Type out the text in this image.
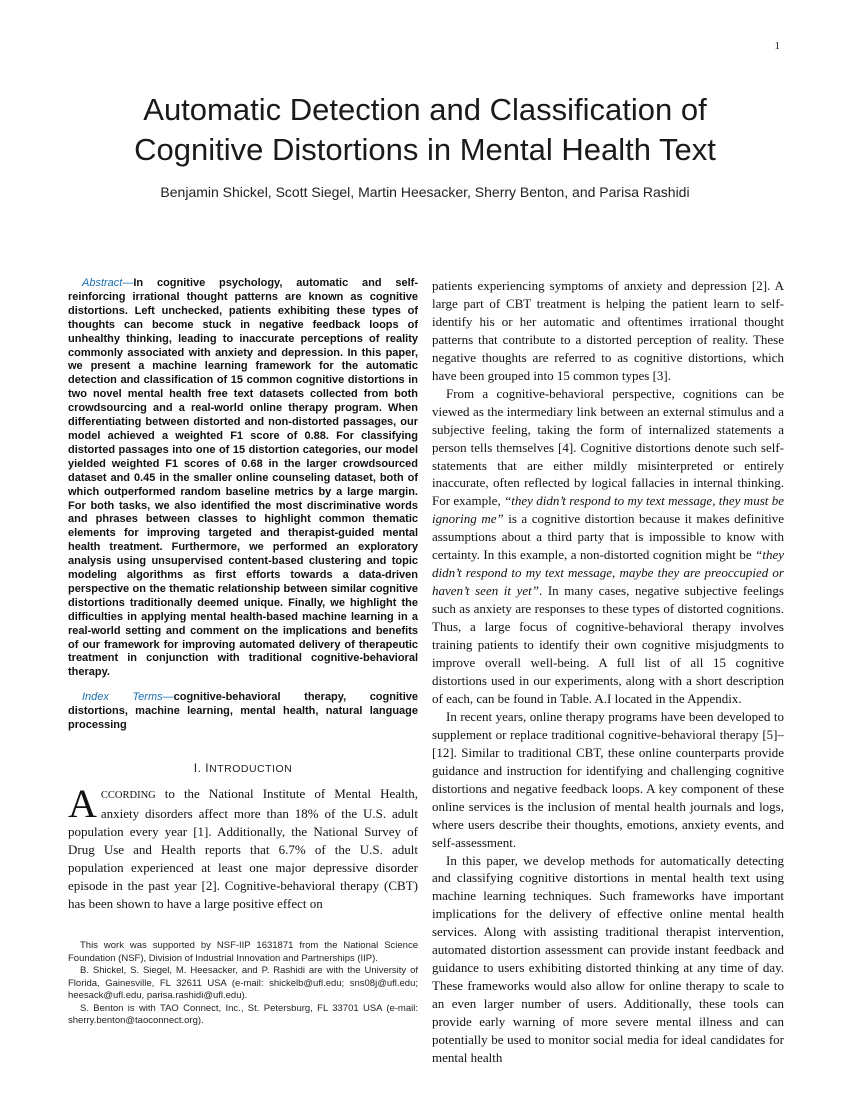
1
Automatic Detection and Classification of
Cognitive Distortions in Mental Health Text
Benjamin Shickel, Scott Siegel, Martin Heesacker, Sherry Benton, and Parisa Rashidi

Abstract—In cognitive psychology, automatic and self-reinforcing irrational thought patterns are known as cognitive distortions. Left unchecked, patients exhibiting these types of thoughts can become stuck in negative feedback loops of unhealthy thinking, leading to inaccurate perceptions of reality commonly associated with anxiety and depression. In this paper, we present a machine learning framework for the automatic detection and classification of 15 common cognitive distortions in two novel mental health free text datasets collected from both crowdsourcing and a real-world online therapy program. When differentiating between distorted and non-distorted passages, our model achieved a weighted F1 score of 0.88. For classifying distorted passages into one of 15 distortion categories, our model yielded weighted F1 scores of 0.68 in the larger crowdsourced dataset and 0.45 in the smaller online counseling dataset, both of which outperformed random baseline metrics by a large margin. For both tasks, we also identified the most discriminative words and phrases between classes to highlight common thematic elements for improving targeted and therapist-guided mental health treatment. Furthermore, we performed an exploratory analysis using unsupervised content-based clustering and topic modeling algorithms as first efforts towards a data-driven perspective on the thematic relationship between similar cognitive distortions traditionally deemed unique. Finally, we highlight the difficulties in applying mental health-based machine learning in a real-world setting and comment on the implications and benefits of our framework for improving automated delivery of therapeutic treatment in conjunction with traditional cognitive-behavioral therapy.

Index Terms—cognitive-behavioral therapy, cognitive distortions, machine learning, mental health, natural language processing

I. INTRODUCTION

ACCORDING to the National Institute of Mental Health, anxiety disorders affect more than 18% of the U.S. adult population every year [1]. Additionally, the National Survey of Drug Use and Health reports that 6.7% of the U.S. adult population experienced at least one major depressive disorder episode in the past year [2]. Cognitive-behavioral therapy (CBT) has been shown to have a large positive effect on

This work was supported by NSF-IIP 1631871 from the National Science Foundation (NSF), Division of Industrial Innovation and Partnerships (IIP).

B. Shickel, S. Siegel, M. Heesacker, and P. Rashidi are with the University of Florida, Gainesville, FL 32611 USA (e-mail: shickelb@ufl.edu; sns08j@ufl.edu; heesack@ufl.edu, parisa.rashidi@ufl.edu).

S. Benton is with TAO Connect, Inc., St. Petersburg, FL 33701 USA (e-mail: sherry.benton@taoconnect.org).

patients experiencing symptoms of anxiety and depression [2]. A large part of CBT treatment is helping the patient learn to self-identify his or her automatic and oftentimes irrational thought patterns that contribute to a distorted perception of reality. These negative thoughts are referred to as cognitive distortions, which have been grouped into 15 common types [3].

From a cognitive-behavioral perspective, cognitions can be viewed as the intermediary link between an external stimulus and a subjective feeling, taking the form of internalized statements a person tells themselves [4]. Cognitive distortions denote such self-statements that are either mildly misinterpreted or entirely inaccurate, often reflected by logical fallacies in internal thinking. For example, “they didn’t respond to my text message, they must be ignoring me” is a cognitive distortion because it makes definitive assumptions about a third party that is impossible to know with certainty. In this example, a non-distorted cognition might be “they didn’t respond to my text message, maybe they are preoccupied or haven’t seen it yet”. In many cases, negative subjective feelings such as anxiety are responses to these types of distorted cognitions. Thus, a large focus of cognitive-behavioral therapy involves training patients to identify their own cognitive misjudgments to improve overall well-being. A full list of all 15 cognitive distortions used in our experiments, along with a short description of each, can be found in Table. A.I located in the Appendix.

In recent years, online therapy programs have been developed to supplement or replace traditional cognitive-behavioral therapy [5]–[12]. Similar to traditional CBT, these online counterparts provide guidance and instruction for identifying and challenging cognitive distortions and negative feedback loops. A key component of these online services is the inclusion of mental health journals and logs, where users describe their thoughts, emotions, anxiety events, and self-assessment.

In this paper, we develop methods for automatically detecting and classifying cognitive distortions in mental health text using machine learning techniques. Such frameworks have important implications for the delivery of effective online mental health services. Along with assisting traditional therapist intervention, automated distortion assessment can provide instant feedback and guidance to users exhibiting distorted thinking at any time of day. These frameworks would also allow for online therapy to scale to an even larger number of users. Additionally, these tools can provide early warning of more severe mental illness and can potentially be used to monitor social media for ideal candidates for mental health
